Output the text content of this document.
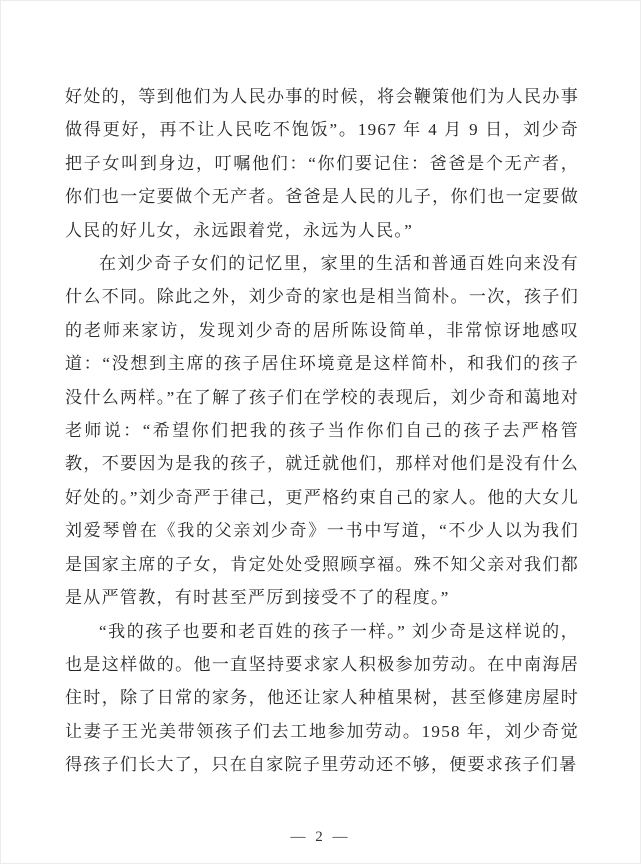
好处的，等到他们为人民办事的时候，将会鞭策他们为人民办事做得更好，再不让人民吃不饱饭”。1967 年 4 月 9 日，刘少奇把子女叫到身边，叮嘱他们：“你们要记住：爸爸是个无产者，你们也一定要做个无产者。爸爸是人民的儿子，你们也一定要做人民的好儿女，永远跟着党，永远为人民。”

在刘少奇子女们的记忆里，家里的生活和普通百姓向来没有什么不同。除此之外，刘少奇的家也是相当简朴。一次，孩子们的老师来家访，发现刘少奇的居所陈设简单，非常惊讶地感叹道：“没想到主席的孩子居住环境竟是这样简朴，和我们的孩子没什么两样。”在了解了孩子们在学校的表现后，刘少奇和蔼地对老师说：“希望你们把我的孩子当作你们自己的孩子去严格管教，不要因为是我的孩子，就迁就他们，那样对他们是没有什么好处的。”刘少奇严于律己，更严格约束自己的家人。他的大女儿刘爱琴曾在《我的父亲刘少奇》一书中写道，“不少人以为我们是国家主席的子女，肯定处处受照顾享福。殊不知父亲对我们都是从严管教，有时甚至严厉到接受不了的程度。”

“我的孩子也要和老百姓的孩子一样。” 刘少奇是这样说的，也是这样做的。他一直坚持要求家人积极参加劳动。在中南海居住时，除了日常的家务，他还让家人种植果树，甚至修建房屋时让妻子王光美带领孩子们去工地参加劳动。1958 年，刘少奇觉得孩子们长大了，只在自家院子里劳动还不够，便要求孩子们暑

— 2 —
